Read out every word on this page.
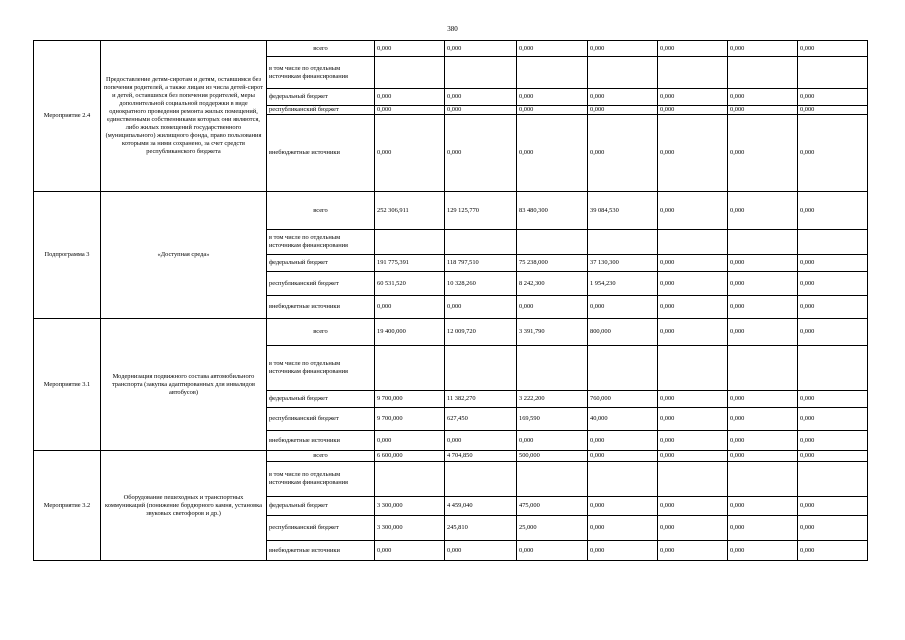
380
Мероприятие 2.4	Предоставление детям-сиротам и детям, оставшимся без попечения родителей, а также лицам из числа детей-сирот и детей, оставшихся без попечения родителей, меры дополнительной социальной поддержки в виде однократного проведения ремонта жилых помещений, единственными собственниками которых они являются, либо жилых помещений государственного (муниципального) жилищного фонда, право пользования которыми за ними сохранено, за счет средств республиканского бюджета	всего	0,000	0,000	0,000	0,000	0,000	0,000	0,000
		в том числе по отдельным источникам финансирования							
		федеральный бюджет	0,000	0,000	0,000	0,000	0,000	0,000	0,000
		республиканский бюджет	0,000	0,000	0,000	0,000	0,000	0,000	0,000
		внебюджетные источники	0,000	0,000	0,000	0,000	0,000	0,000	0,000
Подпрограмма 3	«Доступная среда»	всего	252 306,911	129 125,770	83 480,300	39 084,530	0,000	0,000	0,000
		в том числе по отдельным источникам финансирования							
		федеральный бюджет	191 775,391	118 797,510	75 238,000	37 130,300	0,000	0,000	0,000
		республиканский бюджет	60 531,520	10 328,260	8 242,300	1 954,230	0,000	0,000	0,000
		внебюджетные источники	0,000	0,000	0,000	0,000	0,000	0,000	0,000
Мероприятие 3.1	Модернизация подвижного состава автомобильного транспорта (закупка адаптированных для инвалидов автобусов)	всего	19 400,000	12 009,720	3 391,790	800,000	0,000	0,000	0,000
		в том числе по отдельным источникам финансирования							
		федеральный бюджет	9 700,000	11 382,270	3 222,200	760,000	0,000	0,000	0,000
		республиканский бюджет	9 700,000	627,450	169,590	40,000	0,000	0,000	0,000
		внебюджетные источники	0,000	0,000	0,000	0,000	0,000	0,000	0,000
Мероприятие 3.2	Оборудование пешеходных и транспортных коммуникаций (понижение бордюрного камня, установка звуковых светофоров и др.)	всего	6 600,000	4 704,850	500,000	0,000	0,000	0,000	0,000
		в том числе по отдельным источникам финансирования							
		федеральный бюджет	3 300,000	4 459,040	475,000	0,000	0,000	0,000	0,000
		республиканский бюджет	3 300,000	245,810	25,000	0,000	0,000	0,000	0,000
		внебюджетные источники	0,000	0,000	0,000	0,000	0,000	0,000	0,000
